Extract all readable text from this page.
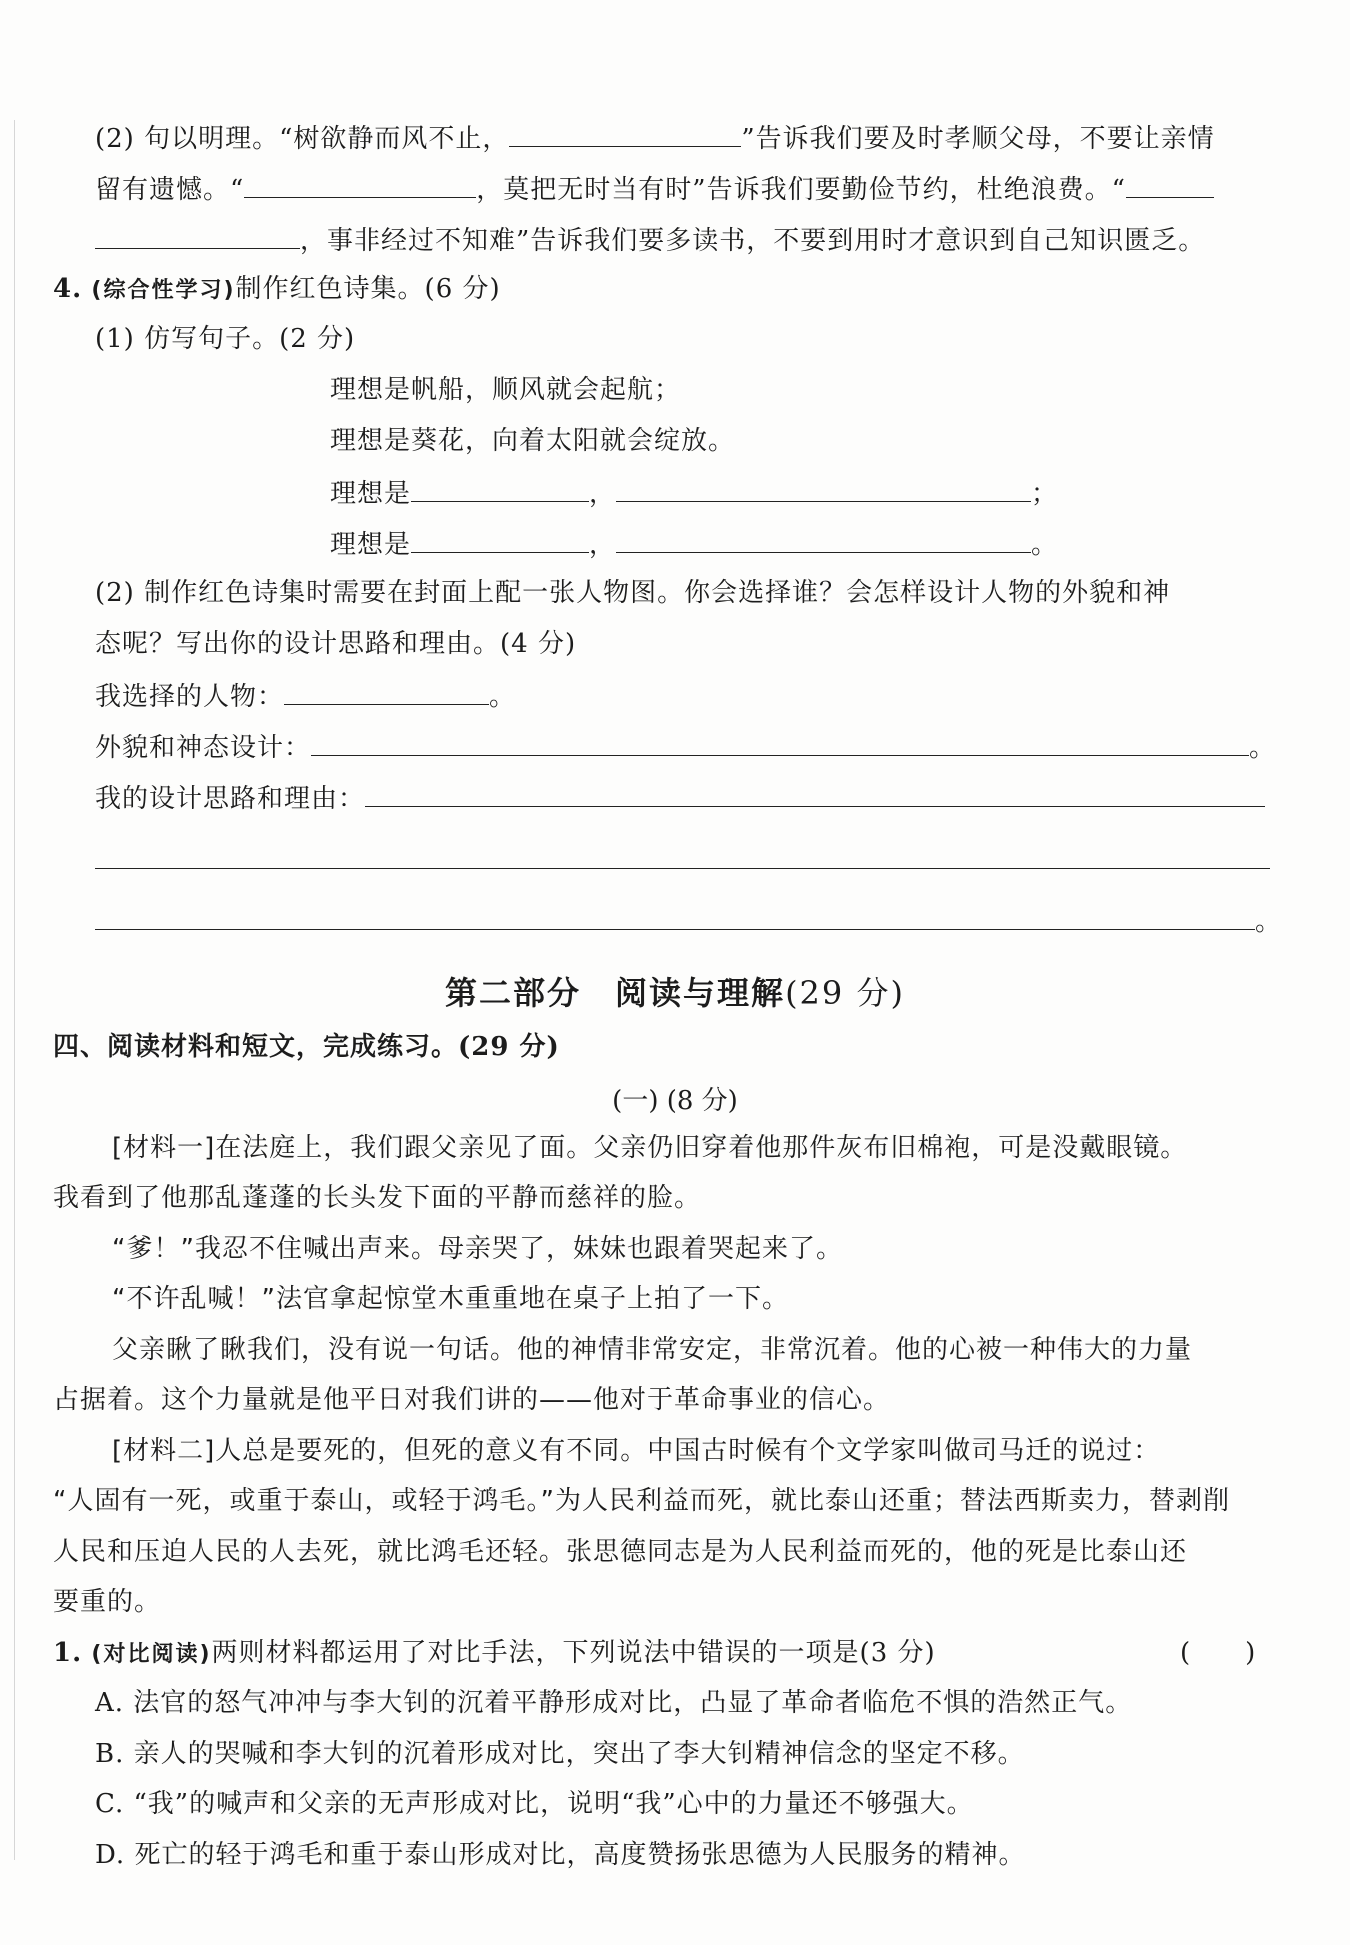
(2) 句以明理。“树欲静而风不止，	”告诉我们要及时孝顺父母，不要让亲情
留有遗憾。“	，莫把无时当有时”告诉我们要勤俭节约，杜绝浪费。“
，事非经过不知难”告诉我们要多读书，不要到用时才意识到自己知识匮乏。
4. (综合性学习)制作红色诗集。(6 分)
(1) 仿写句子。(2 分)
理想是帆船，顺风就会起航；
理想是葵花，向着太阳就会绽放。
理想是	，	；
理想是	，	。
(2) 制作红色诗集时需要在封面上配一张人物图。你会选择谁？会怎样设计人物的外貌和神
态呢？写出你的设计思路和理由。(4 分)
我选择的人物：	。
外貌和神态设计：	。
我的设计思路和理由：
。
第二部分　阅读与理解(29 分)
四、阅读材料和短文，完成练习。(29 分)
(一) (8 分)
[材料一]在法庭上，我们跟父亲见了面。父亲仍旧穿着他那件灰布旧棉袍，可是没戴眼镜。
我看到了他那乱蓬蓬的长头发下面的平静而慈祥的脸。
“爹！”我忍不住喊出声来。母亲哭了，妹妹也跟着哭起来了。
“不许乱喊！”法官拿起惊堂木重重地在桌子上拍了一下。
父亲瞅了瞅我们，没有说一句话。他的神情非常安定，非常沉着。他的心被一种伟大的力量
占据着。这个力量就是他平日对我们讲的——他对于革命事业的信心。
[材料二]人总是要死的，但死的意义有不同。中国古时候有个文学家叫做司马迁的说过：
“人固有一死，或重于泰山，或轻于鸿毛。”为人民利益而死，就比泰山还重；替法西斯卖力，替剥削
人民和压迫人民的人去死，就比鸿毛还轻。张思德同志是为人民利益而死的，他的死是比泰山还
要重的。
1. (对比阅读)两则材料都运用了对比手法，下列说法中错误的一项是(3 分)	(　　)
A. 法官的怒气冲冲与李大钊的沉着平静形成对比，凸显了革命者临危不惧的浩然正气。
B. 亲人的哭喊和李大钊的沉着形成对比，突出了李大钊精神信念的坚定不移。
C. “我”的喊声和父亲的无声形成对比，说明“我”心中的力量还不够强大。
D. 死亡的轻于鸿毛和重于泰山形成对比，高度赞扬张思德为人民服务的精神。
